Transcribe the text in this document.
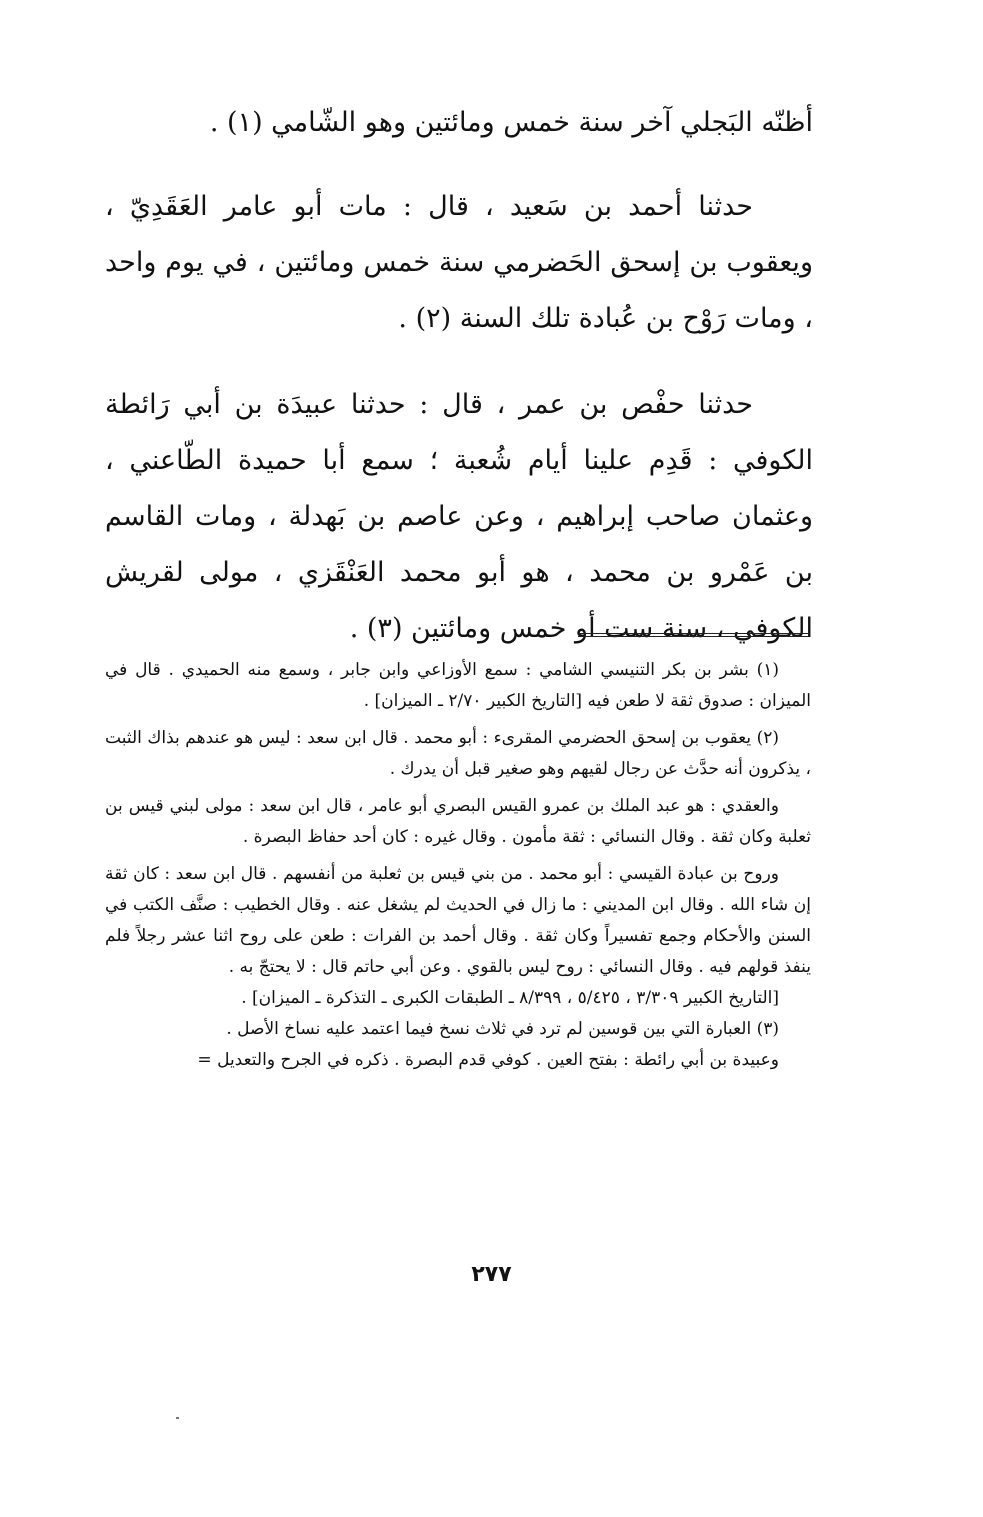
أظنّه البَجلي آخر سنة خمس ومائتين وهو الشّامي (١) .

حدثنا أحمد بن سَعيد ، قال : مات أبو عامر العَقَدِيّ ، ويعقوب بن إسحق الحَضرمي سنة خمس ومائتين ، في يوم واحد ، ومات رَوْح بن عُبادة تلك السنة (٢) .

حدثنا حفْص بن عمر ، قال : حدثنا عبيدَة بن أبي رَائطة الكوفي : قَدِم علينا أيام شُعبة ؛ سمع أبا حميدة الطّاعني ، وعثمان صاحب إبراهيم ، وعن عاصم بن بَهدلة ، ومات القاسم بن عَمْرو بن محمد ، هو أبو محمد العَنْقَزي ، مولى لقريش الكوفي ، سنة ست أو خمس ومائتين (٣) .

(١) بشر بن بكر التنيسي الشامي : سمع الأوزاعي وابن جابر ، وسمع منه الحميدي . قال في الميزان : صدوق ثقة لا طعن فيه [التاريخ الكبير ٢/٧٠ ـ الميزان] .

(٢) يعقوب بن إسحق الحضرمي المقرىء : أبو محمد . قال ابن سعد : ليس هو عندهم بذاك الثبت ، يذكرون أنه حدَّث عن رجال لقيهم وهو صغير قبل أن يدرك .

والعقدي : هو عبد الملك بن عمرو القيس البصري أبو عامر ، قال ابن سعد : مولى لبني قيس بن ثعلبة وكان ثقة . وقال النسائي : ثقة مأمون . وقال غيره : كان أحد حفاظ البصرة .

وروح بن عبادة القيسي : أبو محمد . من بني قيس بن ثعلبة من أنفسهم . قال ابن سعد : كان ثقة إن شاء الله . وقال ابن المديني : ما زال في الحديث لم يشغل عنه . وقال الخطيب : صنَّف الكتب في السنن والأحكام وجمع تفسيراً وكان ثقة . وقال أحمد بن الفرات : طعن على روح اثنا عشر رجلاً فلم ينفذ قولهم فيه . وقال النسائي : روح ليس بالقوي . وعن أبي حاتم قال : لا يحتجّ به .

[التاريخ الكبير ٣/٣٠٩ ، ٥/٤٢٥ ، ٨/٣٩٩ ـ الطبقات الكبرى ـ التذكرة ـ الميزان] .

(٣) العبارة التي بين قوسين لم ترد في ثلاث نسخ فيما اعتمد عليه نساخ الأصل .

وعبيدة بن أبي رائطة : بفتح العين . كوفي قدم البصرة . ذكره في الجرح والتعديل =

٢٧٧
